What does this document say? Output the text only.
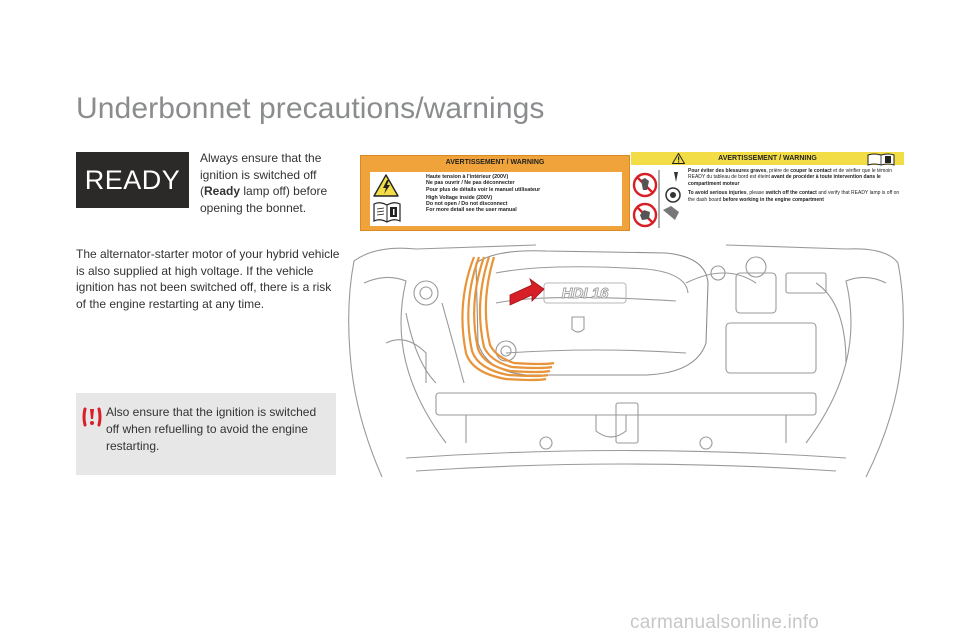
Underbonnet precautions/warnings
READY
Always ensure that the ignition is switched off (Ready lamp off) before opening the bonnet.
The alternator-starter motor of your hybrid vehicle is also supplied at high voltage. If the vehicle ignition has not been switched off, there is a risk of the engine restarting at any time.
Also ensure that the ignition is switched off when refuelling to avoid the engine restarting.
AVERTISSEMENT / WARNING
Haute tension à l'intérieur (200V)
Ne pas ouvrir / Ne pas déconnecter
Pour plus de détails voir le manuel utilisateur
High Voltage inside (200V)
Do not open / Do not disconnect
For more detail see the user manual
AVERTISSEMENT / WARNING
Pour éviter des blessures graves, prière de couper le contact et de vérifier que le témoin READY du tableau de bord est éteint avant de procéder à toute intervention dans le compartiment moteur
To avoid serious injuries, please switch off the contact and verify that READY lamp is off on the dash board before working in the engine compartment
HDI 16
carmanualsonline.info
